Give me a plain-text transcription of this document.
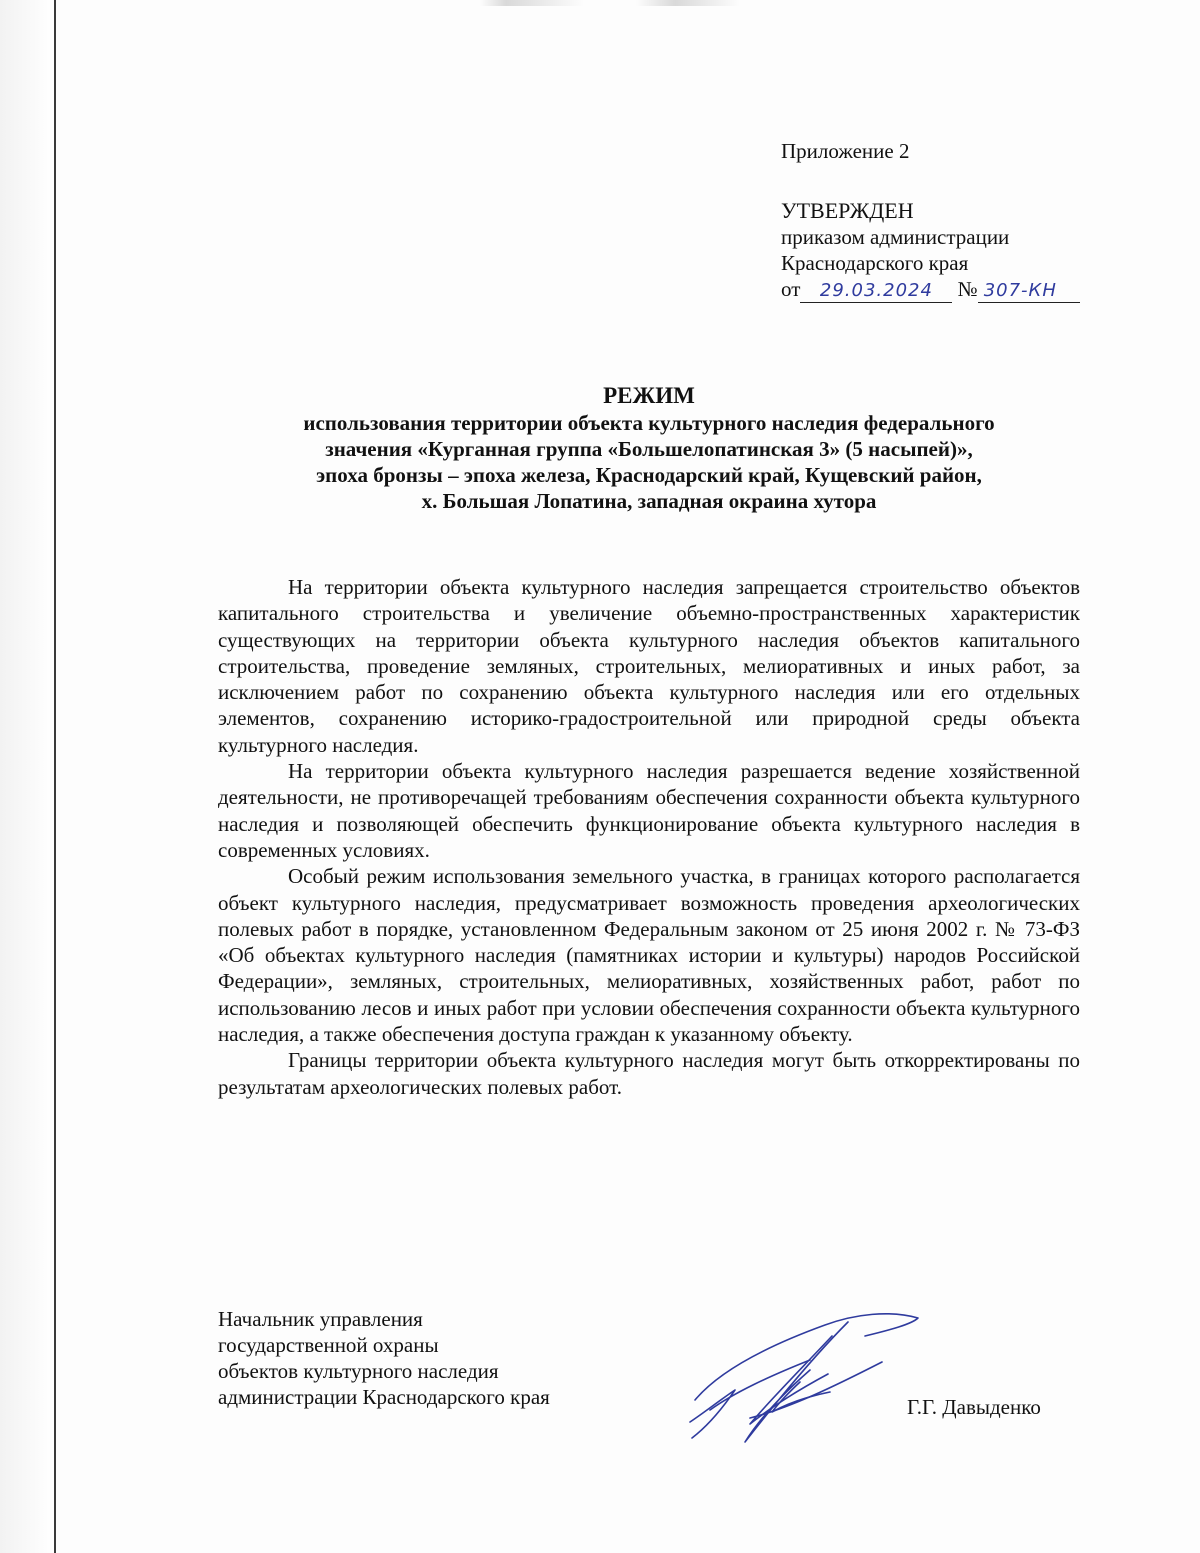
Приложение 2
УТВЕРЖДЕН
приказом администрации
Краснодарского края
от 29.03.2024 № 307-КН
РЕЖИМ
использования территории объекта культурного наследия федерального
значения «Курганная группа «Большелопатинская 3» (5 насыпей)»,
эпоха бронзы – эпоха железа, Краснодарский край, Кущевский район,
х. Большая Лопатина, западная окраина хутора

На территории объекта культурного наследия запрещается строительство объектов капитального строительства и увеличение объемно-пространственных характеристик существующих на территории объекта культурного наследия объектов капитального строительства, проведение земляных, строительных, мелиоративных и иных работ, за исключением работ по сохранению объекта культурного наследия или его отдельных элементов, сохранению историко-градостроительной или природной среды объекта культурного наследия.

На территории объекта культурного наследия разрешается ведение хозяйственной деятельности, не противоречащей требованиям обеспечения сохранности объекта культурного наследия и позволяющей обеспечить функционирование объекта культурного наследия в современных условиях.

Особый режим использования земельного участка, в границах которого располагается объект культурного наследия, предусматривает возможность проведения археологических полевых работ в порядке, установленном Федеральным законом от 25 июня 2002 г. № 73-ФЗ «Об объектах культурного наследия (памятниках истории и культуры) народов Российской Федерации», земляных, строительных, мелиоративных, хозяйственных работ, работ по использованию лесов и иных работ при условии обеспечения сохранности объекта культурного наследия, а также обеспечения доступа граждан к указанному объекту.

Границы территории объекта культурного наследия могут быть откорректированы по результатам археологических полевых работ.

Начальник управления
государственной охраны
объектов культурного наследия
администрации Краснодарского края	Г.Г. Давыденко
